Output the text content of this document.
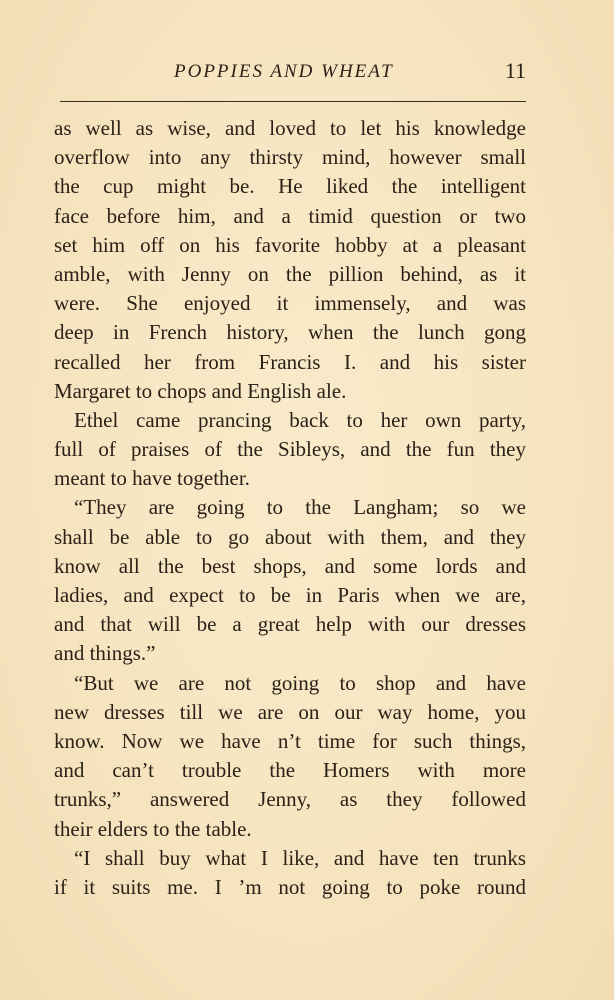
POPPIES AND WHEAT	11
as well as wise, and loved to let his knowledge
overflow into any thirsty mind, however small
the cup might be. He liked the intelligent
face before him, and a timid question or two
set him off on his favorite hobby at a pleasant
amble, with Jenny on the pillion behind, as it
were. She enjoyed it immensely, and was
deep in French history, when the lunch gong
recalled her from Francis I. and his sister
Margaret to chops and English ale.
Ethel came prancing back to her own party,
full of praises of the Sibleys, and the fun they
meant to have together.
“They are going to the Langham; so we
shall be able to go about with them, and they
know all the best shops, and some lords and
ladies, and expect to be in Paris when we are,
and that will be a great help with our dresses
and things.”
“But we are not going to shop and have
new dresses till we are on our way home, you
know. Now we have n’t time for such things,
and can’t trouble the Homers with more
trunks,” answered Jenny, as they followed
their elders to the table.
“I shall buy what I like, and have ten trunks
if it suits me. I ’m not going to poke round
